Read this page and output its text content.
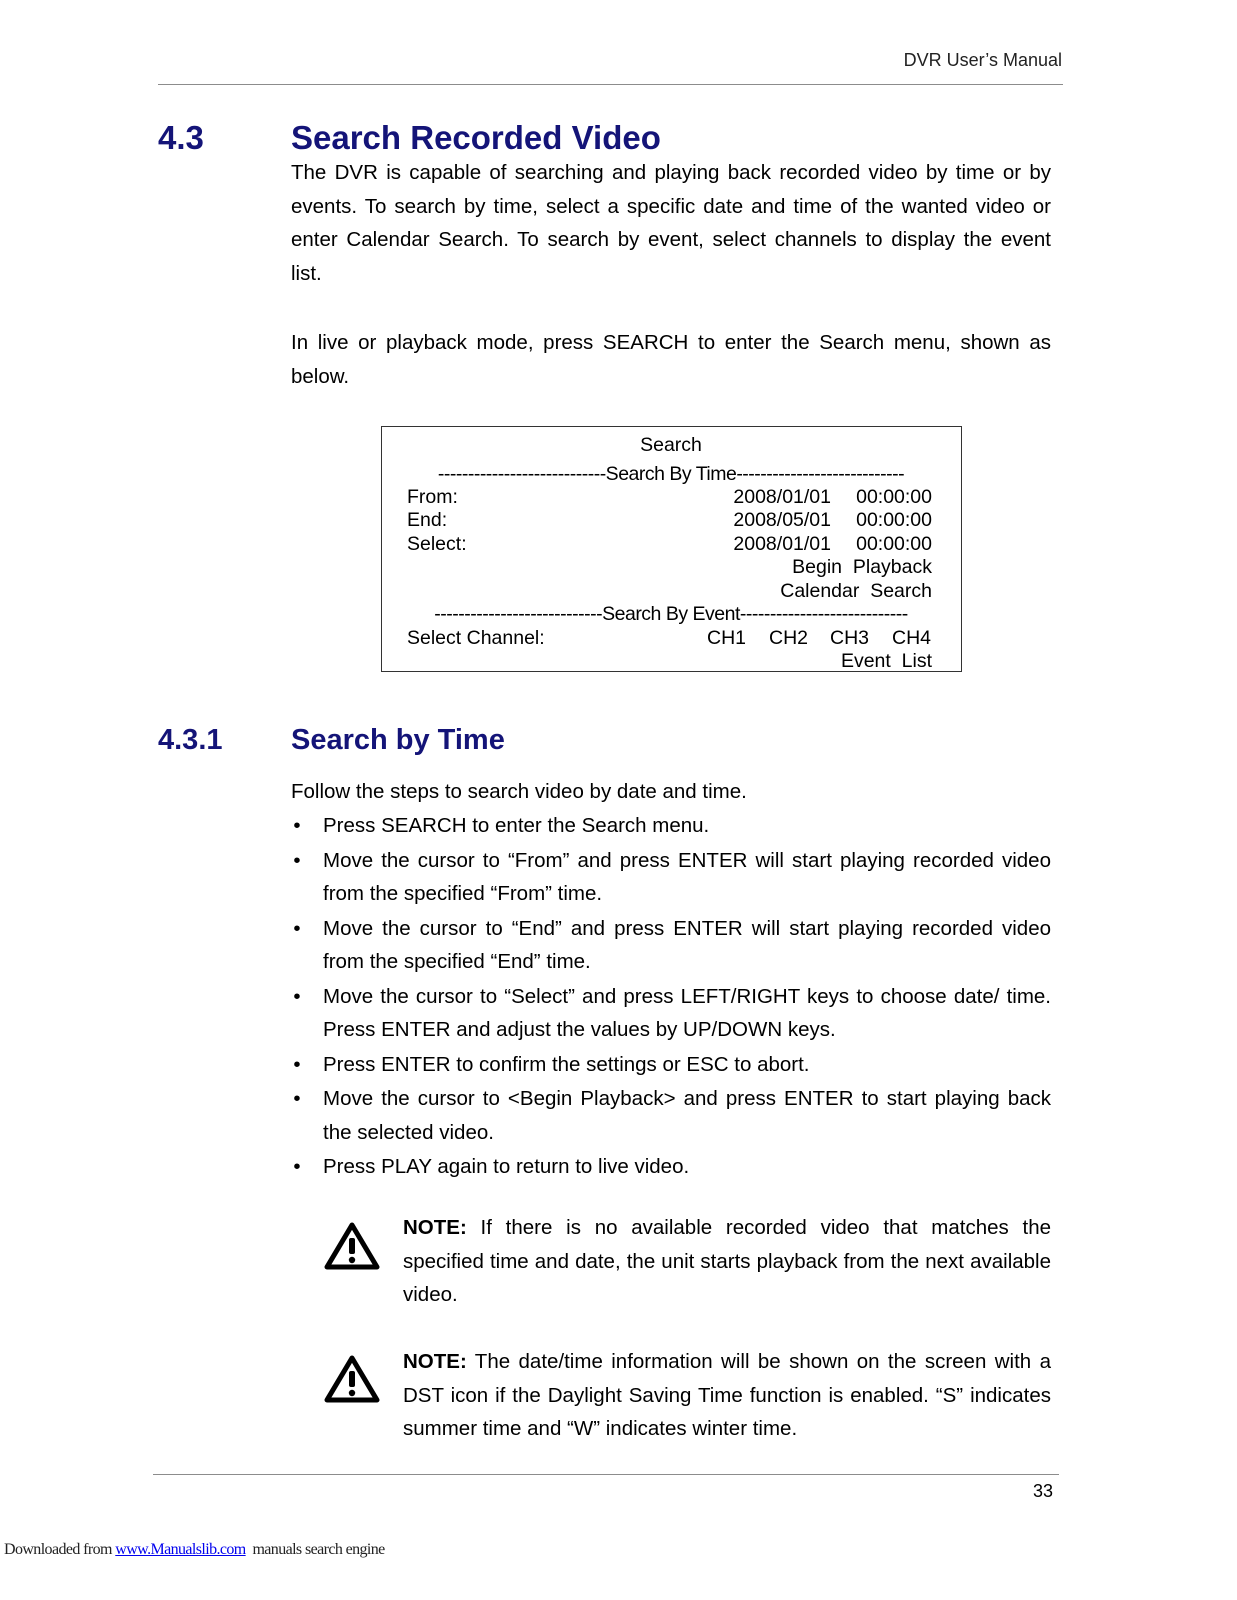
DVR User’s Manual
4.3	Search Recorded Video

The DVR is capable of searching and playing back recorded video by time or by events. To search by time, select a specific date and time of the wanted video or enter Calendar Search. To search by event, select channels to display the event list.

In live or playback mode, press SEARCH to enter the Search menu, shown as below.

Search
----------------------------Search By Time----------------------------
From:	2008/01/01 00:00:00
End:	2008/05/01 00:00:00
Select:	2008/01/01 00:00:00
Begin  Playback
Calendar  Search
----------------------------Search By Event----------------------------
Select Channel:	CH1 CH2 CH3 CH4
Event  List
4.3.1 Search by Time

Follow the steps to search video by date and time.

• Press SEARCH to enter the Search menu.
• Move the cursor to “From” and press ENTER will start playing recorded video from the specified “From” time.
• Move the cursor to “End” and press ENTER will start playing recorded video from the specified “End” time.
• Move the cursor to “Select” and press LEFT/RIGHT keys to choose date/ time. Press ENTER and adjust the values by UP/DOWN keys.
• Press ENTER to confirm the settings or ESC to abort.
• Move the cursor to <Begin Playback> and press ENTER to start playing back the selected video.
• Press PLAY again to return to live video.

NOTE: If there is no available recorded video that matches the specified time and date, the unit starts playback from the next available video.

NOTE: The date/time information will be shown on the screen with a DST icon if the Daylight Saving Time function is enabled. “S” indicates summer time and “W” indicates winter time.

33
Downloaded from www.Manualslib.com  manuals search engine
